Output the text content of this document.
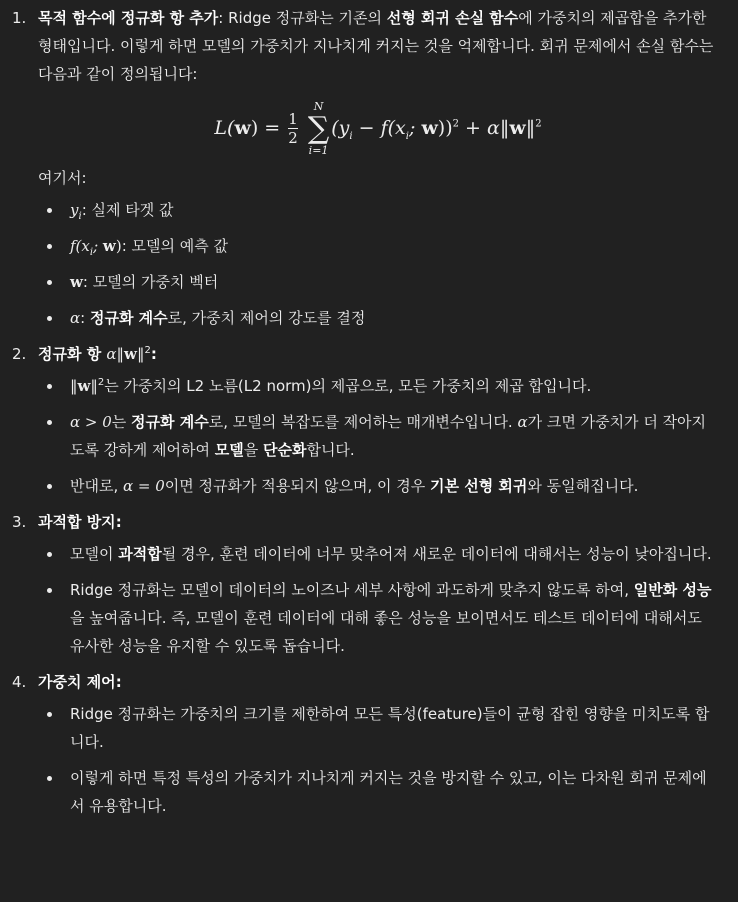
1. 목적 함수에 정규화 항 추가: Ridge 정규화는 기존의 선형 회귀 손실 함수에 가중치의 제곱합을 추가한 형태입니다. 이렇게 하면 모델의 가중치가 지나치게 커지는 것을 억제합니다. 회귀 문제에서 손실 함수는 다음과 같이 정의됩니다:

$L(w) = \frac{1}{2}$

N
∑
i=1
($y_i - f(x_i$; w))$^2$ + α‖w‖$^2$

여기서:

$y_i$: 실제 타겟 값
$f(x_i$; w): 모델의 예측 값
w: 모델의 가중치 벡터
α: 정규화 계수로, 가중치 제어의 강도를 결정
2. 정규화 항 α‖w‖$^2$:

‖w‖$^2$는 가중치의 L2 노름(L2 norm)의 제곱으로, 모든 가중치의 제곱 합입니다.
α > 0는 정규화 계수로, 모델의 복잡도를 제어하는 매개변수입니다. α가 크면 가중치가 더 작아지도록 강하게 제어하여 모델을 단순화합니다.
반대로, α = 0이면 정규화가 적용되지 않으며, 이 경우 기본 선형 회귀와 동일해집니다.
3. 과적합 방지:

모델이 과적합될 경우, 훈련 데이터에 너무 맞추어져 새로운 데이터에 대해서는 성능이 낮아집니다.
Ridge 정규화는 모델이 데이터의 노이즈나 세부 사항에 과도하게 맞추지 않도록 하여, 일반화 성능을 높여줍니다. 즉, 모델이 훈련 데이터에 대해 좋은 성능을 보이면서도 테스트 데이터에 대해서도 유사한 성능을 유지할 수 있도록 돕습니다.
4. 가중치 제어:

Ridge 정규화는 가중치의 크기를 제한하여 모든 특성(feature)들이 균형 잡힌 영향을 미치도록 합니다.
이렇게 하면 특정 특성의 가중치가 지나치게 커지는 것을 방지할 수 있고, 이는 다차원 회귀 문제에서 유용합니다.
